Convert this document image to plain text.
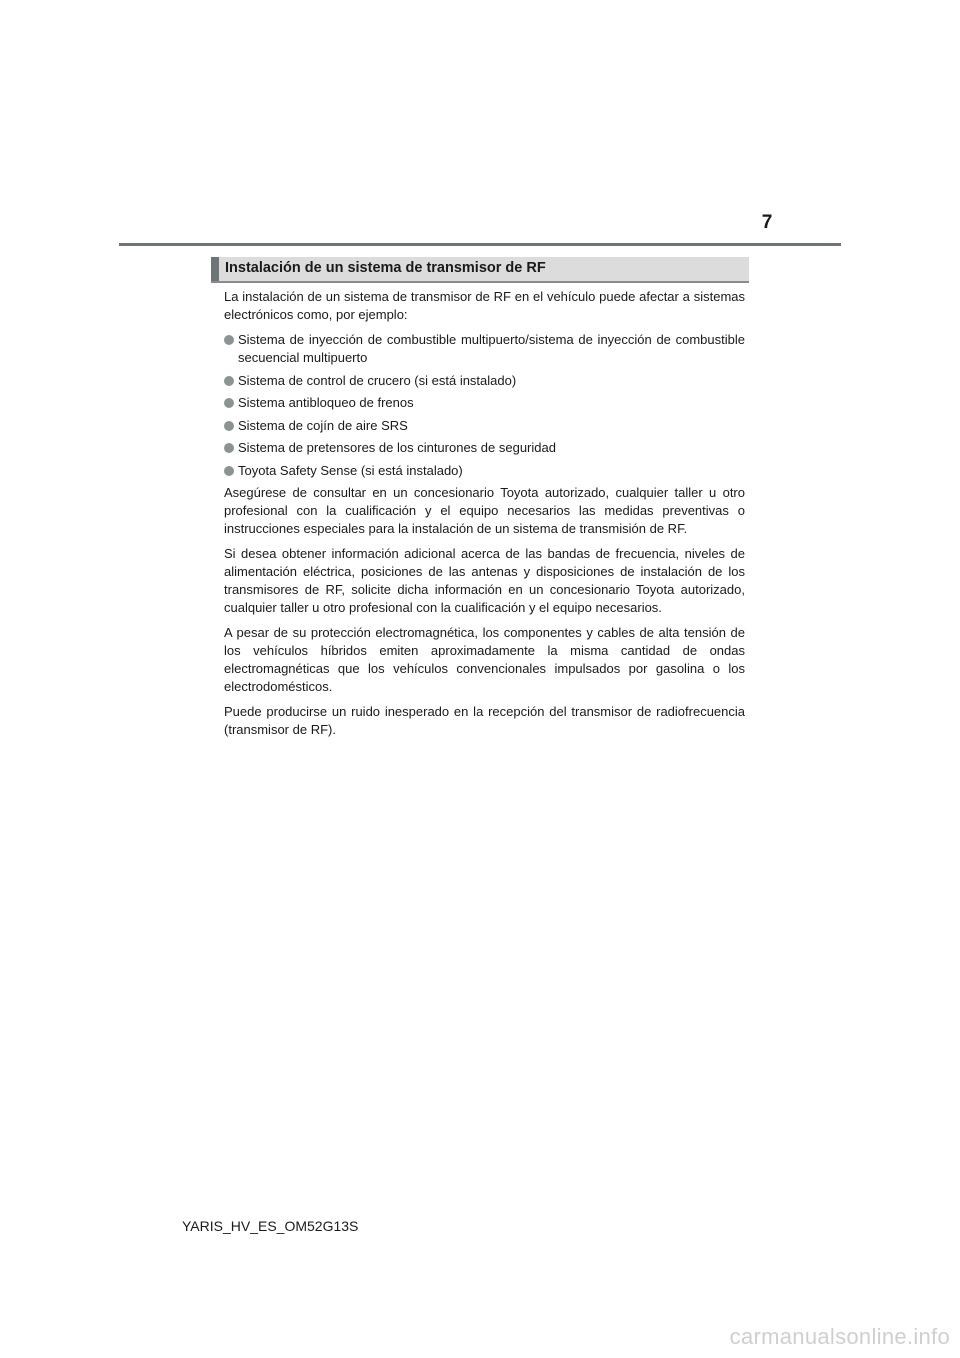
7
Instalación de un sistema de transmisor de RF

La instalación de un sistema de transmisor de RF en el vehículo puede afectar a sistemas electrónicos como, por ejemplo:

Sistema de inyección de combustible multipuerto/sistema de inyección de combustible secuencial multipuerto
Sistema de control de crucero (si está instalado)
Sistema antibloqueo de frenos
Sistema de cojín de aire SRS
Sistema de pretensores de los cinturones de seguridad
Toyota Safety Sense (si está instalado)

Asegúrese de consultar en un concesionario Toyota autorizado, cualquier taller u otro profesional con la cualificación y el equipo necesarios las medidas preventivas o instrucciones especiales para la instalación de un sistema de transmisión de RF.

Si desea obtener información adicional acerca de las bandas de frecuencia, niveles de alimentación eléctrica, posiciones de las antenas y disposiciones de instalación de los transmisores de RF, solicite dicha información en un concesionario Toyota autorizado, cualquier taller u otro profesional con la cualificación y el equipo necesarios.

A pesar de su protección electromagnética, los componentes y cables de alta tensión de los vehículos híbridos emiten aproximadamente la misma cantidad de ondas electromagnéticas que los vehículos convencionales impulsados por gasolina o los electrodomésticos.

Puede producirse un ruido inesperado en la recepción del transmisor de radiofrecuencia (transmisor de RF).

YARIS_HV_ES_OM52G13S
carmanualsonline.info
